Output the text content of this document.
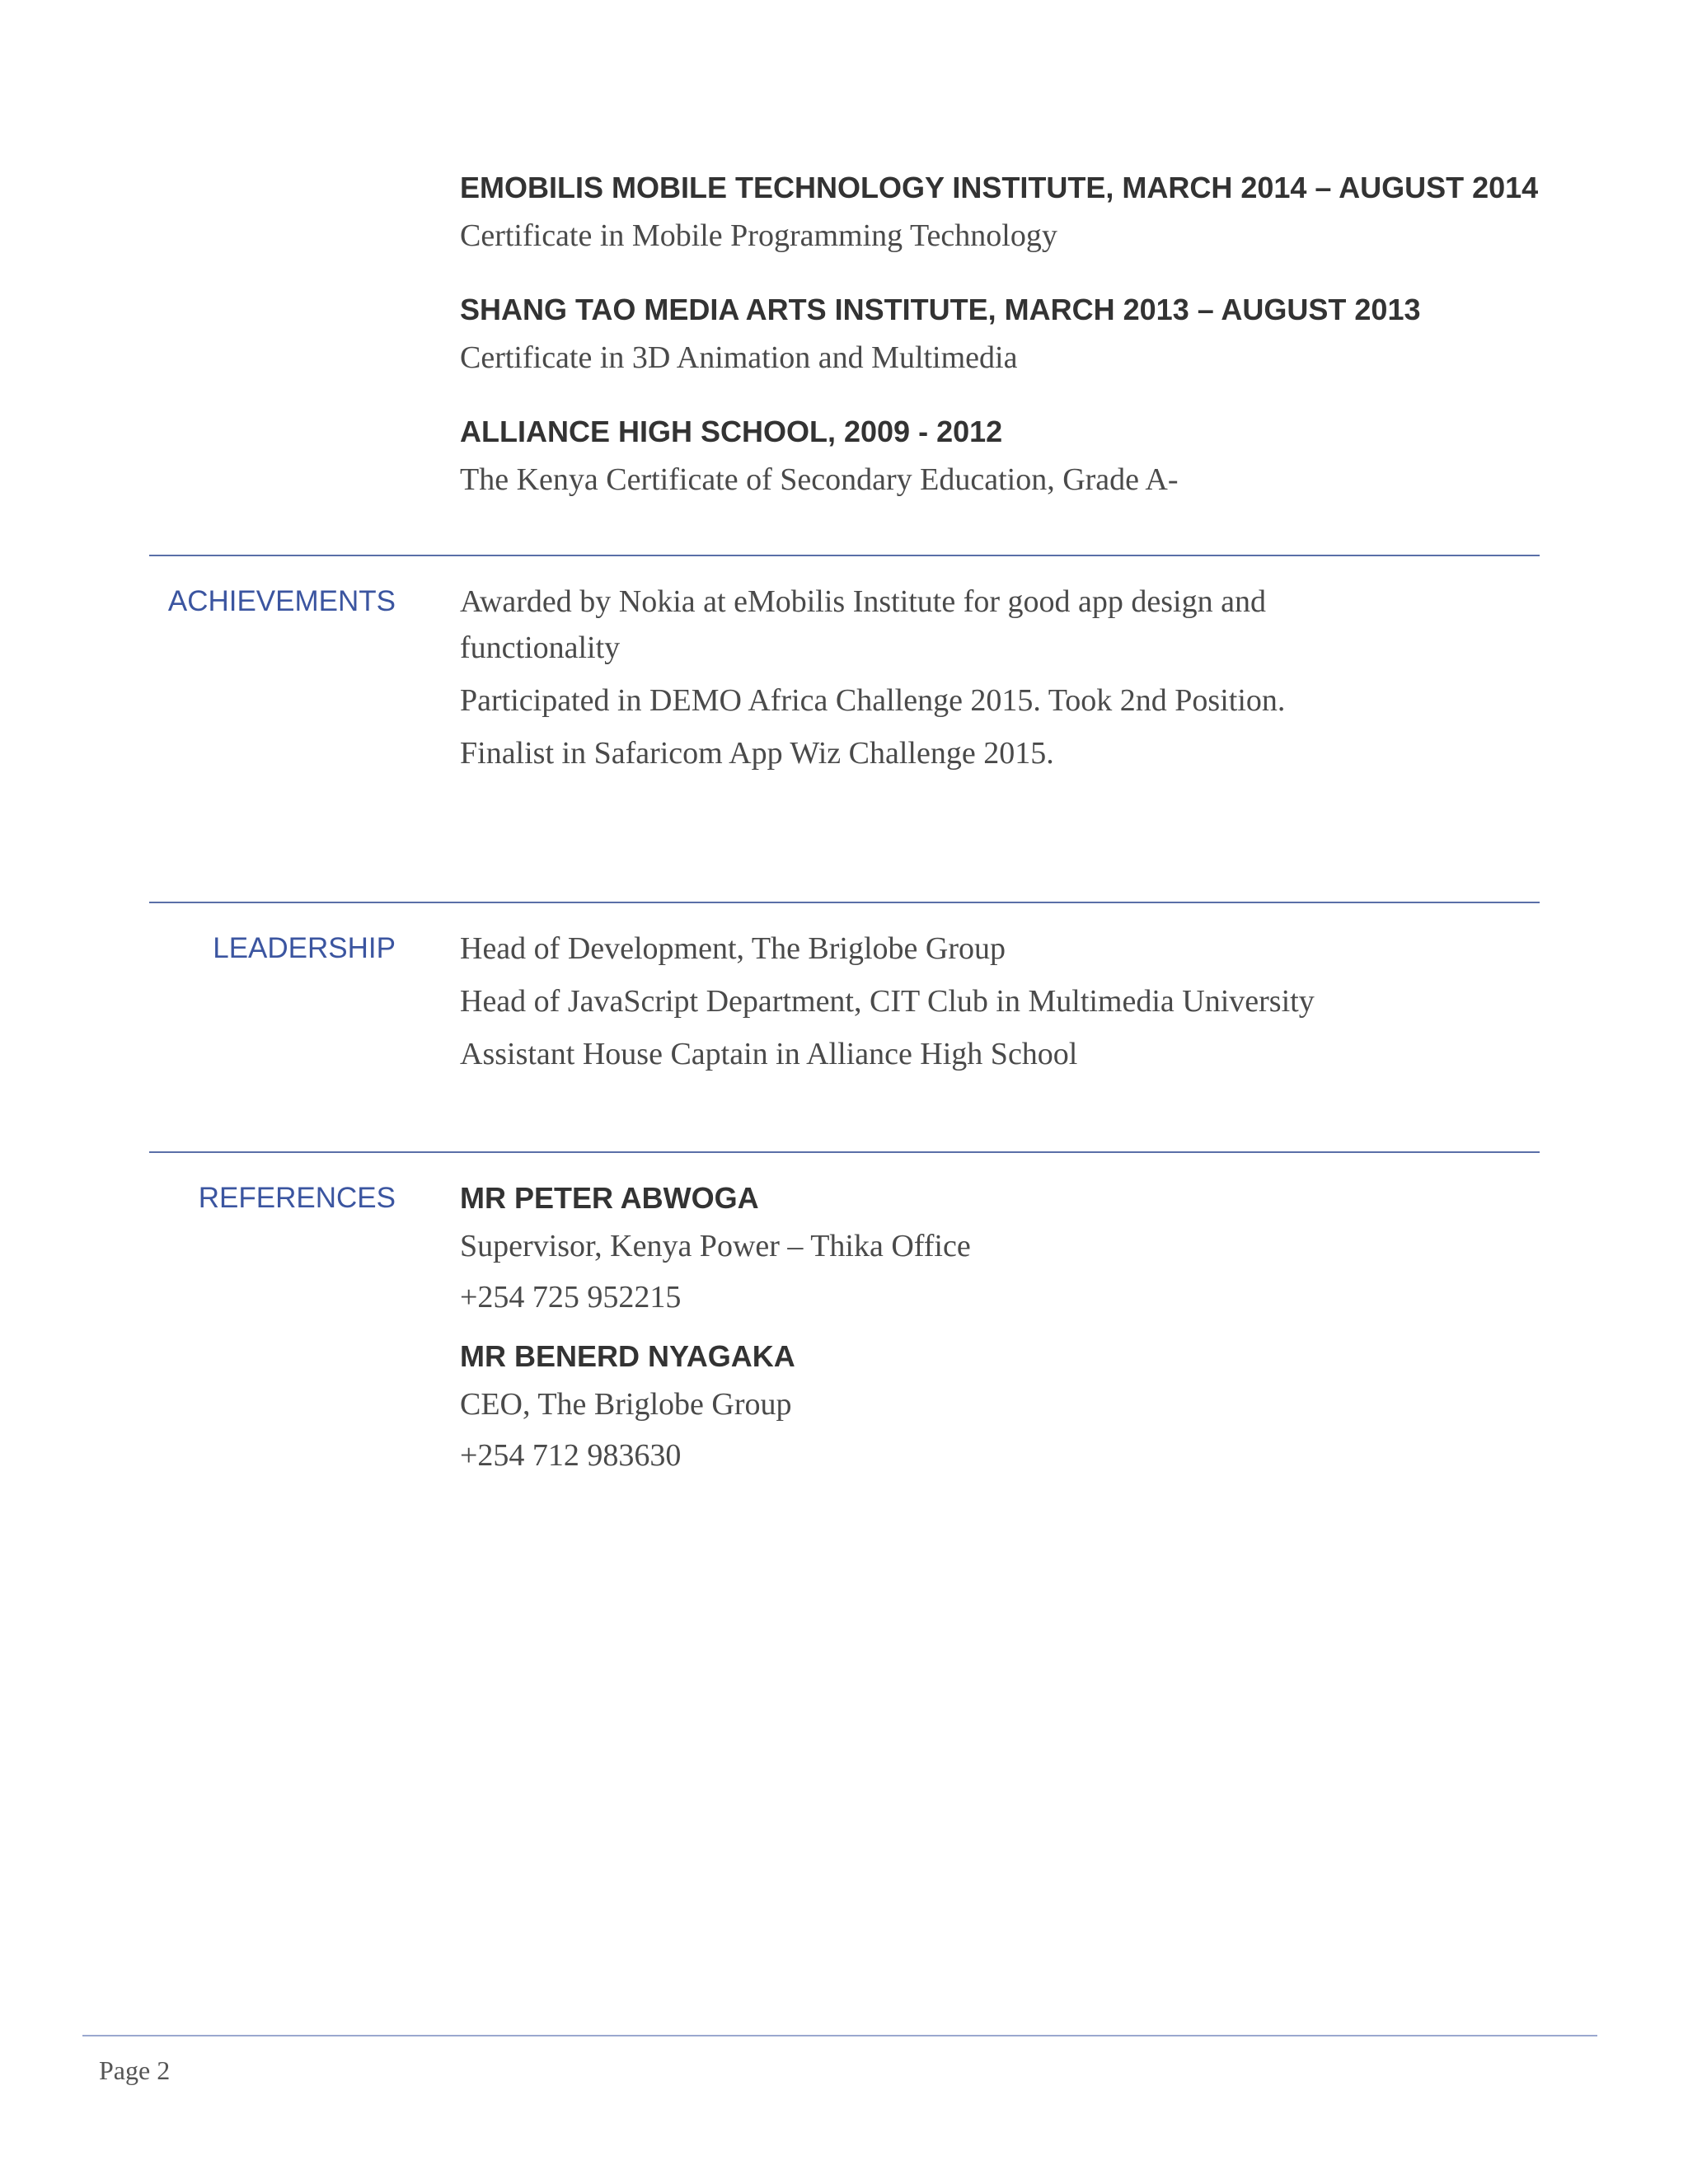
EMOBILIS MOBILE TECHNOLOGY INSTITUTE, MARCH 2014 – AUGUST 2014

Certificate in Mobile Programming Technology

SHANG TAO MEDIA ARTS INSTITUTE, MARCH 2013 – AUGUST 2013

Certificate in 3D Animation and Multimedia

ALLIANCE HIGH SCHOOL, 2009 - 2012

The Kenya Certificate of Secondary Education, Grade A-

ACHIEVEMENTS Awarded by Nokia at eMobilis Institute for good app design and functionality

Participated in DEMO Africa Challenge 2015. Took 2nd Position.

Finalist in Safaricom App Wiz Challenge 2015.

LEADERSHIP Head of Development, The Briglobe Group

Head of JavaScript Department, CIT Club in Multimedia University

Assistant House Captain in Alliance High School

REFERENCES MR PETER ABWOGA

Supervisor, Kenya Power – Thika Office

+254 725 952215

MR BENERD NYAGAKA

CEO, The Briglobe Group

+254 712 983630

Page 2
